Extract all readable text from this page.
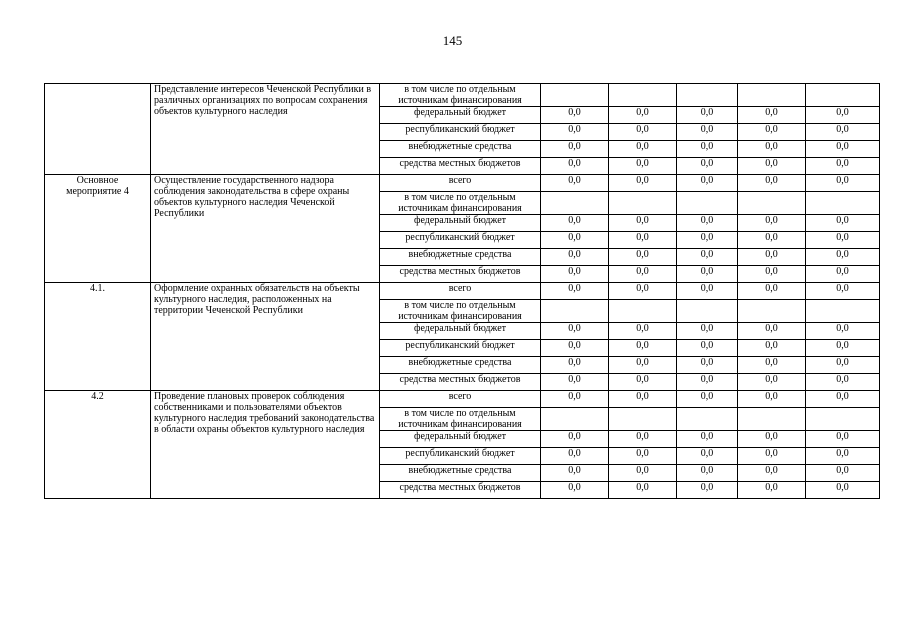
145
	Представление интересов Чеченской Республики в различных организациях по вопросам сохранения объектов культурного наследия	в том числе по отдельным источникам финансирования					
		федеральный бюджет	0,0	0,0	0,0	0,0	0,0
		республиканский бюджет	0,0	0,0	0,0	0,0	0,0
		внебюджетные средства	0,0	0,0	0,0	0,0	0,0
		средства местных бюджетов	0,0	0,0	0,0	0,0	0,0
Основное мероприятие 4	Осуществление государственного надзора соблюдения законодательства в сфере охраны объектов культурного наследия Чеченской Республики	всего	0,0	0,0	0,0	0,0	0,0
		в том числе по отдельным источникам финансирования					
		федеральный бюджет	0,0	0,0	0,0	0,0	0,0
		республиканский бюджет	0,0	0,0	0,0	0,0	0,0
		внебюджетные средства	0,0	0,0	0,0	0,0	0,0
		средства местных бюджетов	0,0	0,0	0,0	0,0	0,0
4.1.	Оформление охранных обязательств на объекты культурного наследия, расположенных на территории Чеченской Республики	всего	0,0	0,0	0,0	0,0	0,0
		в том числе по отдельным источникам финансирования					
		федеральный бюджет	0,0	0,0	0,0	0,0	0,0
		республиканский бюджет	0,0	0,0	0,0	0,0	0,0
		внебюджетные средства	0,0	0,0	0,0	0,0	0,0
		средства местных бюджетов	0,0	0,0	0,0	0,0	0,0
4.2	Проведение плановых проверок соблюдения собственниками и пользователями объектов культурного наследия требований законодательства в области охраны объектов культурного наследия	всего	0,0	0,0	0,0	0,0	0,0
		в том числе по отдельным источникам финансирования					
		федеральный бюджет	0,0	0,0	0,0	0,0	0,0
		республиканский бюджет	0,0	0,0	0,0	0,0	0,0
		внебюджетные средства	0,0	0,0	0,0	0,0	0,0
		средства местных бюджетов	0,0	0,0	0,0	0,0	0,0
